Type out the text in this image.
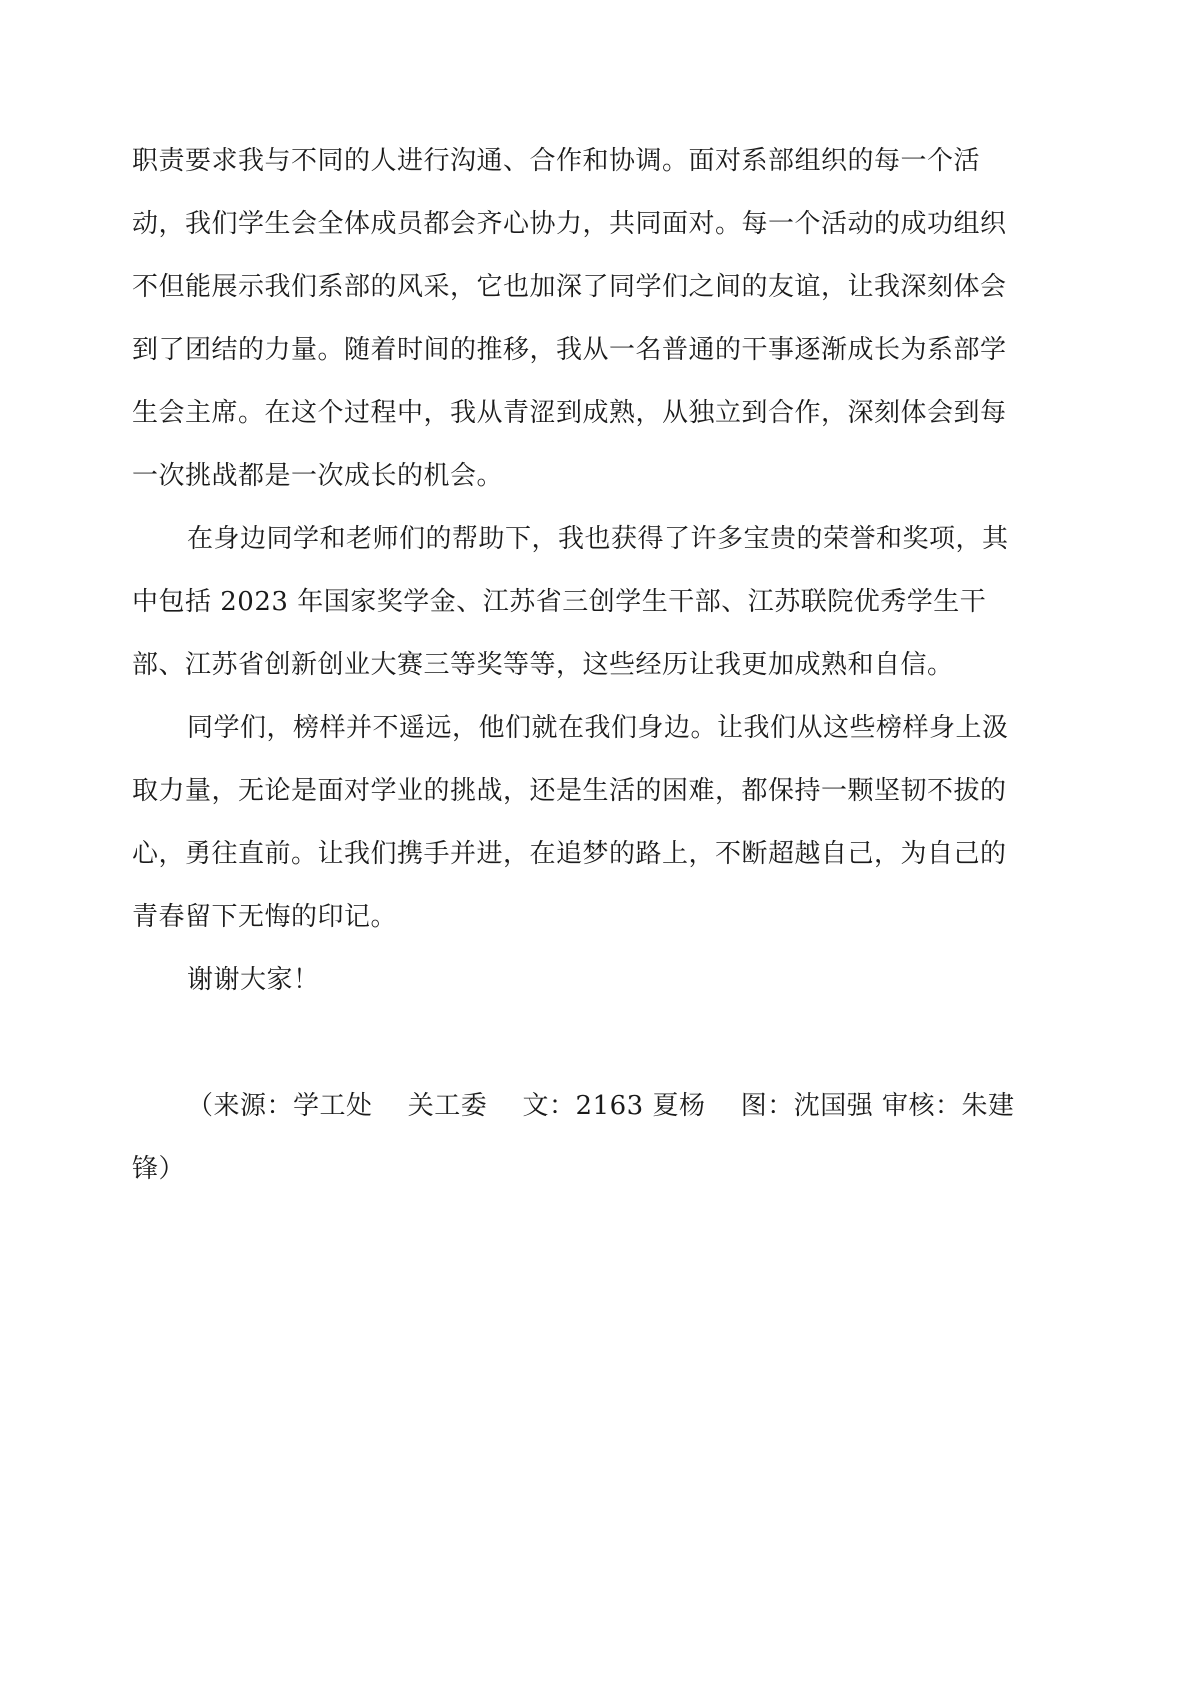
职责要求我与不同的人进行沟通、合作和协调。面对系部组织的每一个活
动，我们学生会全体成员都会齐心协力，共同面对。每一个活动的成功组织
不但能展示我们系部的风采，它也加深了同学们之间的友谊，让我深刻体会
到了团结的力量。随着时间的推移，我从一名普通的干事逐渐成长为系部学
生会主席。在这个过程中，我从青涩到成熟，从独立到合作，深刻体会到每
一次挑战都是一次成长的机会。

在身边同学和老师们的帮助下，我也获得了许多宝贵的荣誉和奖项，其
中包括 2023 年国家奖学金、江苏省三创学生干部、江苏联院优秀学生干
部、江苏省创新创业大赛三等奖等等，这些经历让我更加成熟和自信。

同学们，榜样并不遥远，他们就在我们身边。让我们从这些榜样身上汲
取力量，无论是面对学业的挑战，还是生活的困难，都保持一颗坚韧不拔的
心，勇往直前。让我们携手并进，在追梦的路上，不断超越自己，为自己的
青春留下无悔的印记。

谢谢大家！

（来源：学工处　 关工委　 文：2163 夏杨　 图：沈国强 审核：朱建
锋）
